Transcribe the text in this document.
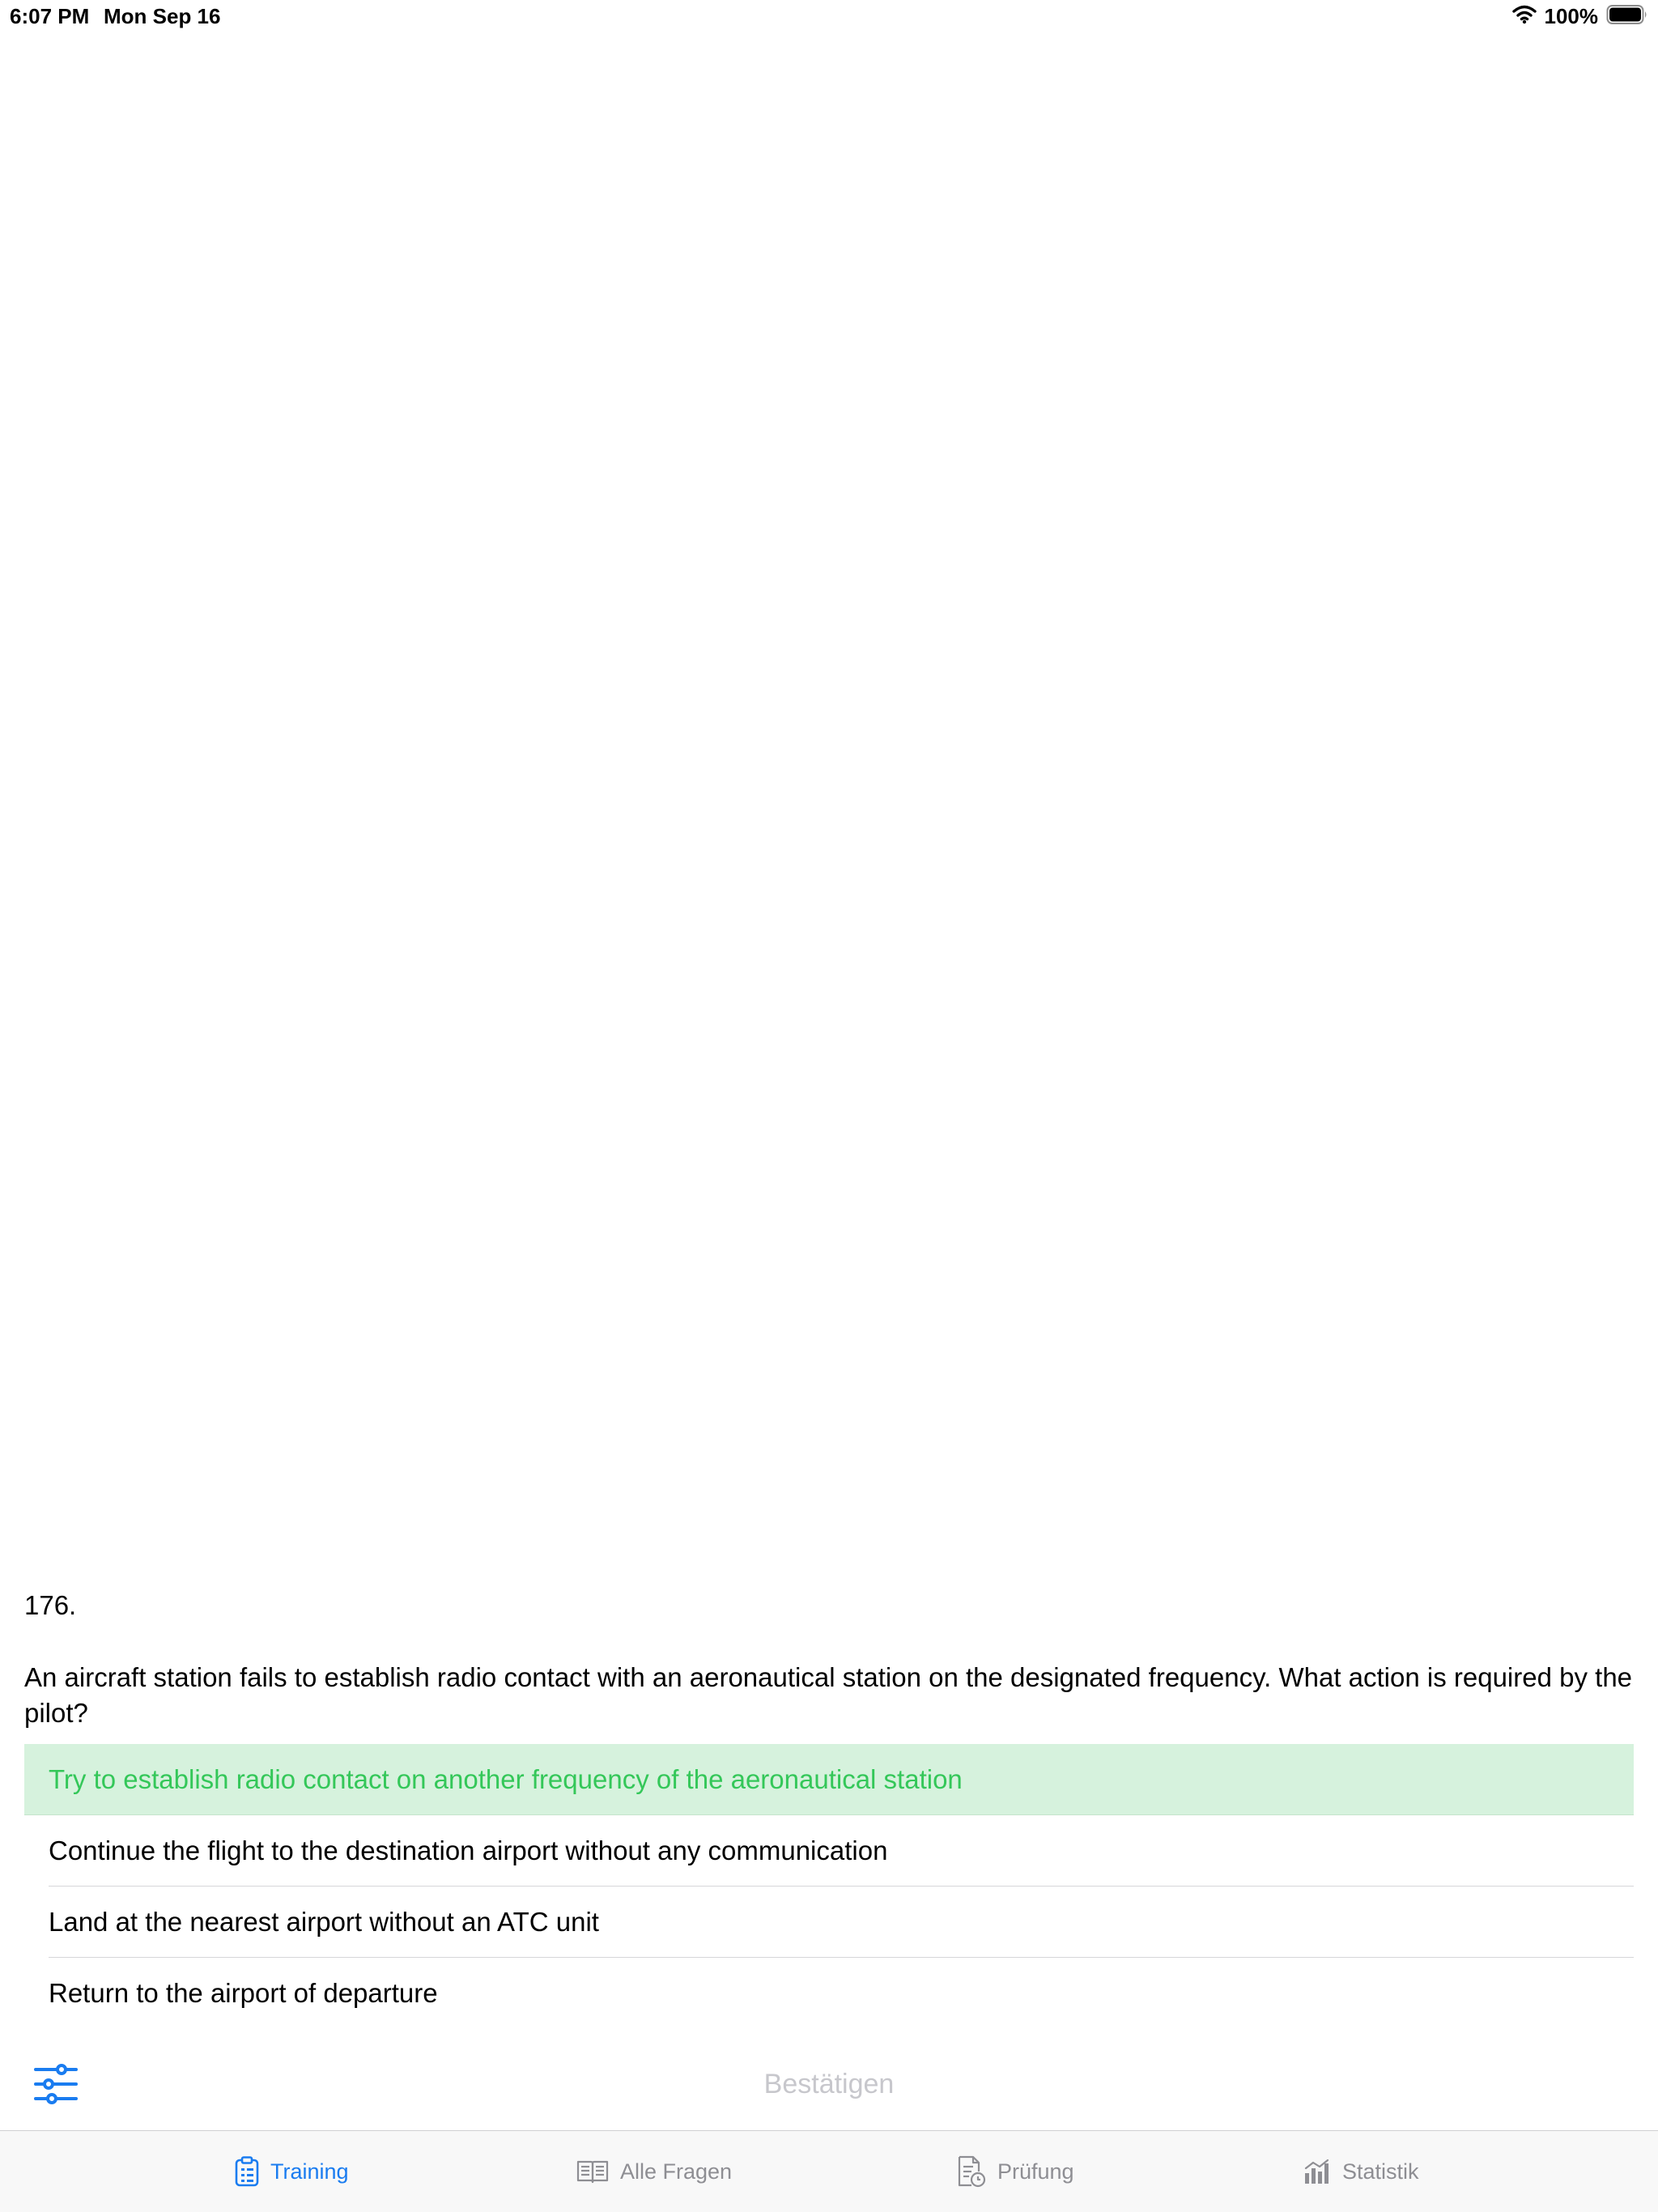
6:07 PM Mon Sep 16	100%
176.
An aircraft station fails to establish radio contact with an aeronautical station on the designated frequency. What action is required by the pilot?
Try to establish radio contact on another frequency of the aeronautical station
Continue the flight to the destination airport without any communication
Land at the nearest airport without an ATC unit
Return to the airport of departure
Bestätigen
Training	Alle Fragen	Prüfung	Statistik
